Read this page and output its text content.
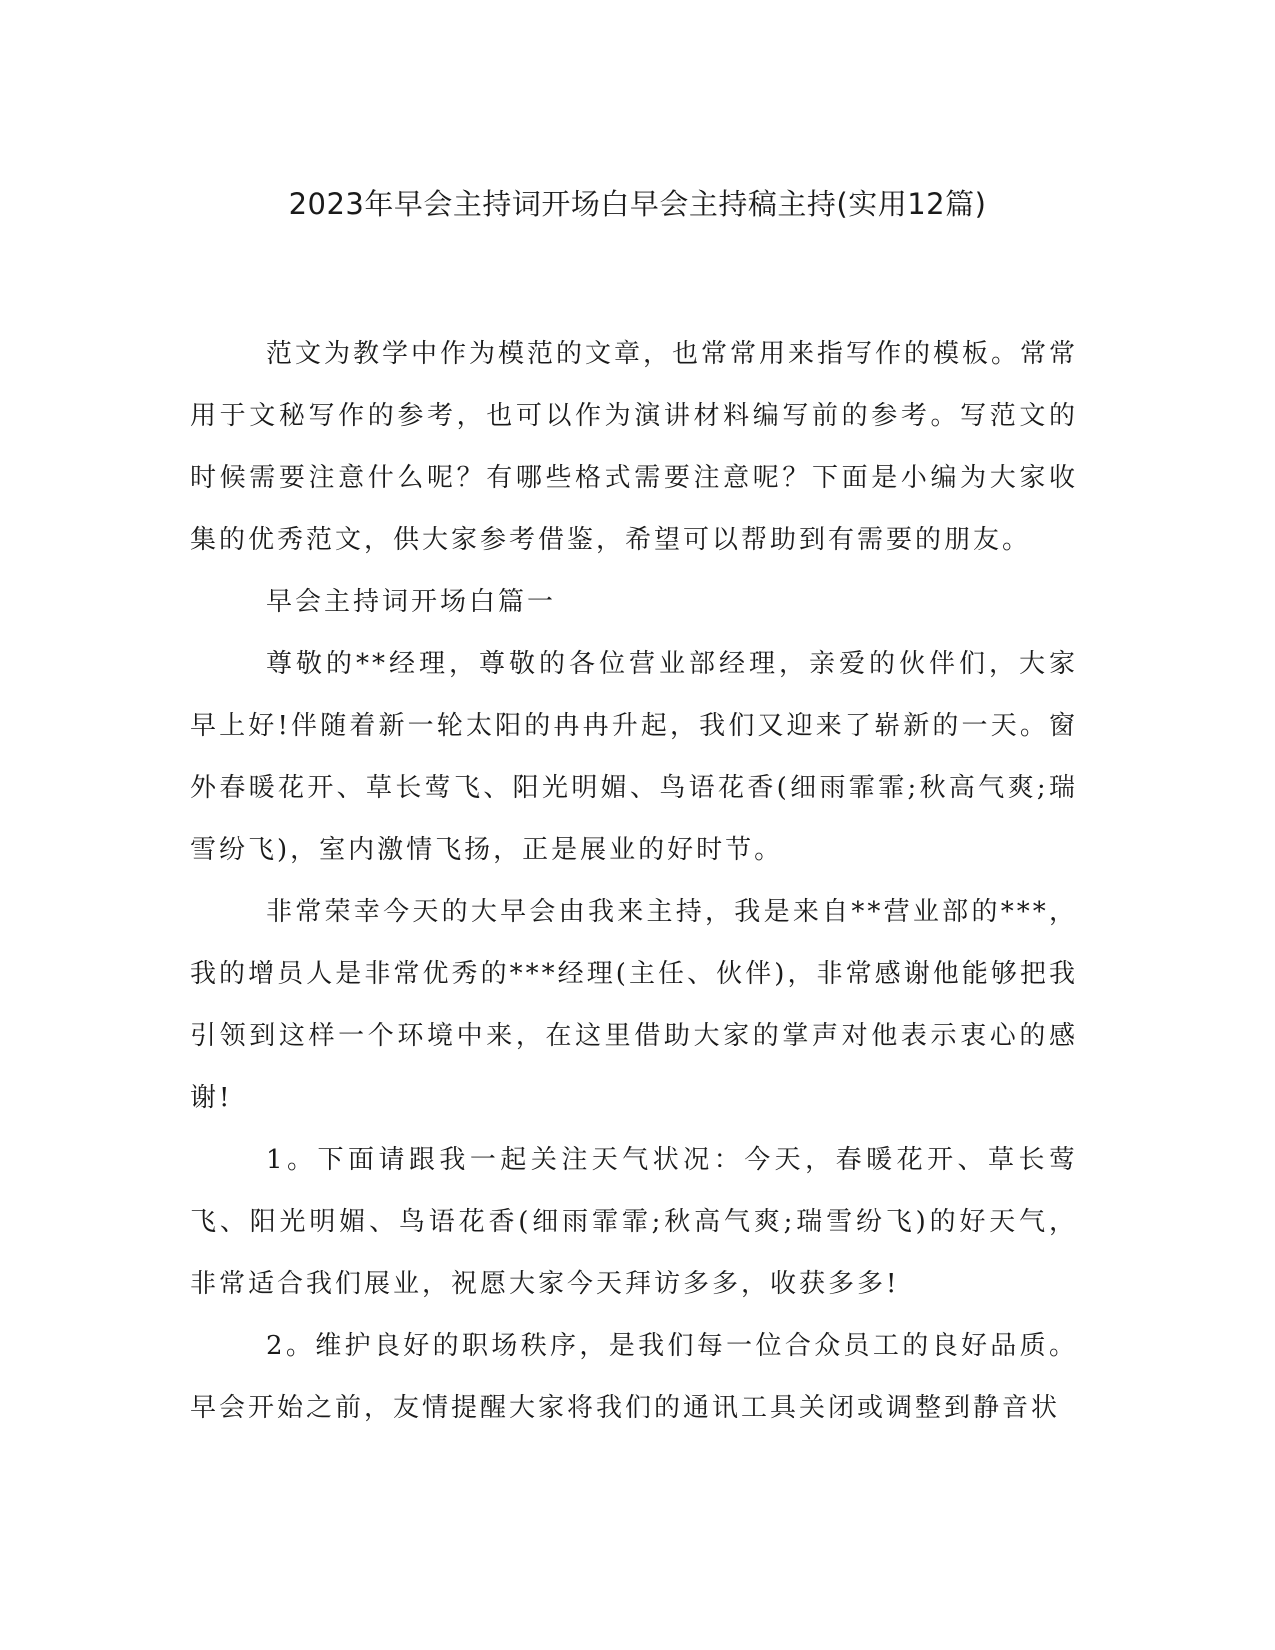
2023年早会主持词开场白早会主持稿主持(实用12篇)

范文为教学中作为模范的文章，也常常用来指写作的模板。常常用于文秘写作的参考，也可以作为演讲材料编写前的参考。写范文的时候需要注意什么呢？有哪些格式需要注意呢？下面是小编为大家收集的优秀范文，供大家参考借鉴，希望可以帮助到有需要的朋友。

早会主持词开场白篇一

尊敬的**经理，尊敬的各位营业部经理，亲爱的伙伴们，大家早上好!伴随着新一轮太阳的冉冉升起，我们又迎来了崭新的一天。窗外春暖花开、草长莺飞、阳光明媚、鸟语花香(细雨霏霏;秋高气爽;瑞雪纷飞)，室内激情飞扬，正是展业的好时节。

非常荣幸今天的大早会由我来主持，我是来自**营业部的***，我的增员人是非常优秀的***经理(主任、伙伴)，非常感谢他能够把我引领到这样一个环境中来，在这里借助大家的掌声对他表示衷心的感谢!

1。下面请跟我一起关注天气状况：今天，春暖花开、草长莺飞、阳光明媚、鸟语花香(细雨霏霏;秋高气爽;瑞雪纷飞)的好天气，非常适合我们展业，祝愿大家今天拜访多多，收获多多!

2。维护良好的职场秩序，是我们每一位合众员工的良好品质。早会开始之前，友情提醒大家将我们的通讯工具关闭或调整到静音状
